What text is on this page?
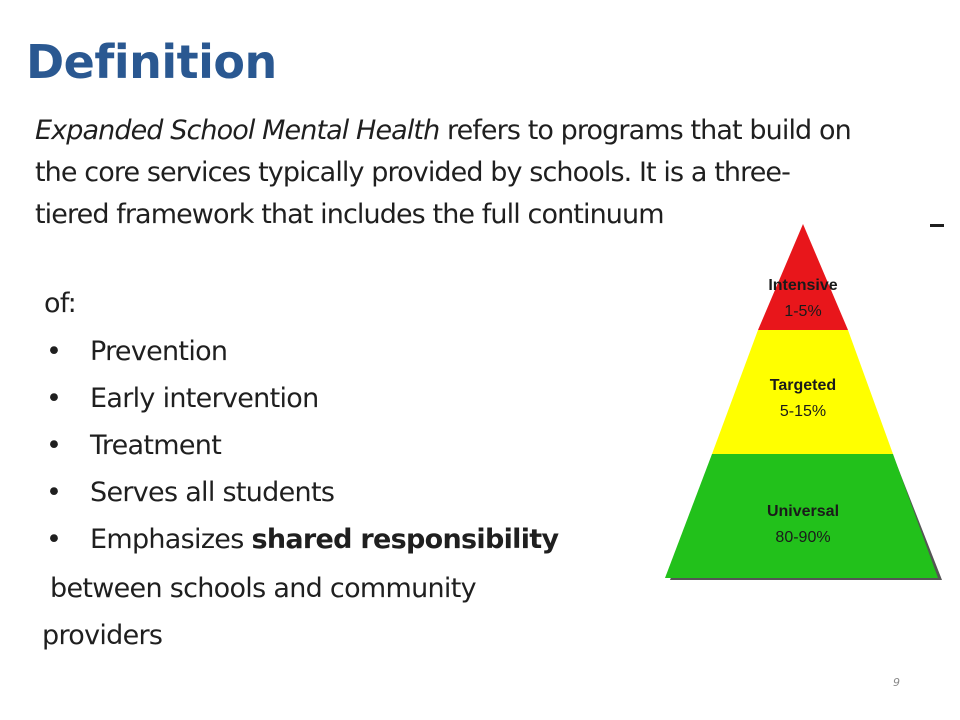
Definition

Expanded School Mental Health refers to programs that build on the core services typically provided by schools. It is a three-tiered framework that includes the full continuum

of:
• Prevention
• Early intervention
• Treatment
• Serves all students
• Emphasizes shared responsibility
between schools and community
providers
Intensive
1-5%
Targeted
5-15%
Universal
80-90%
9
